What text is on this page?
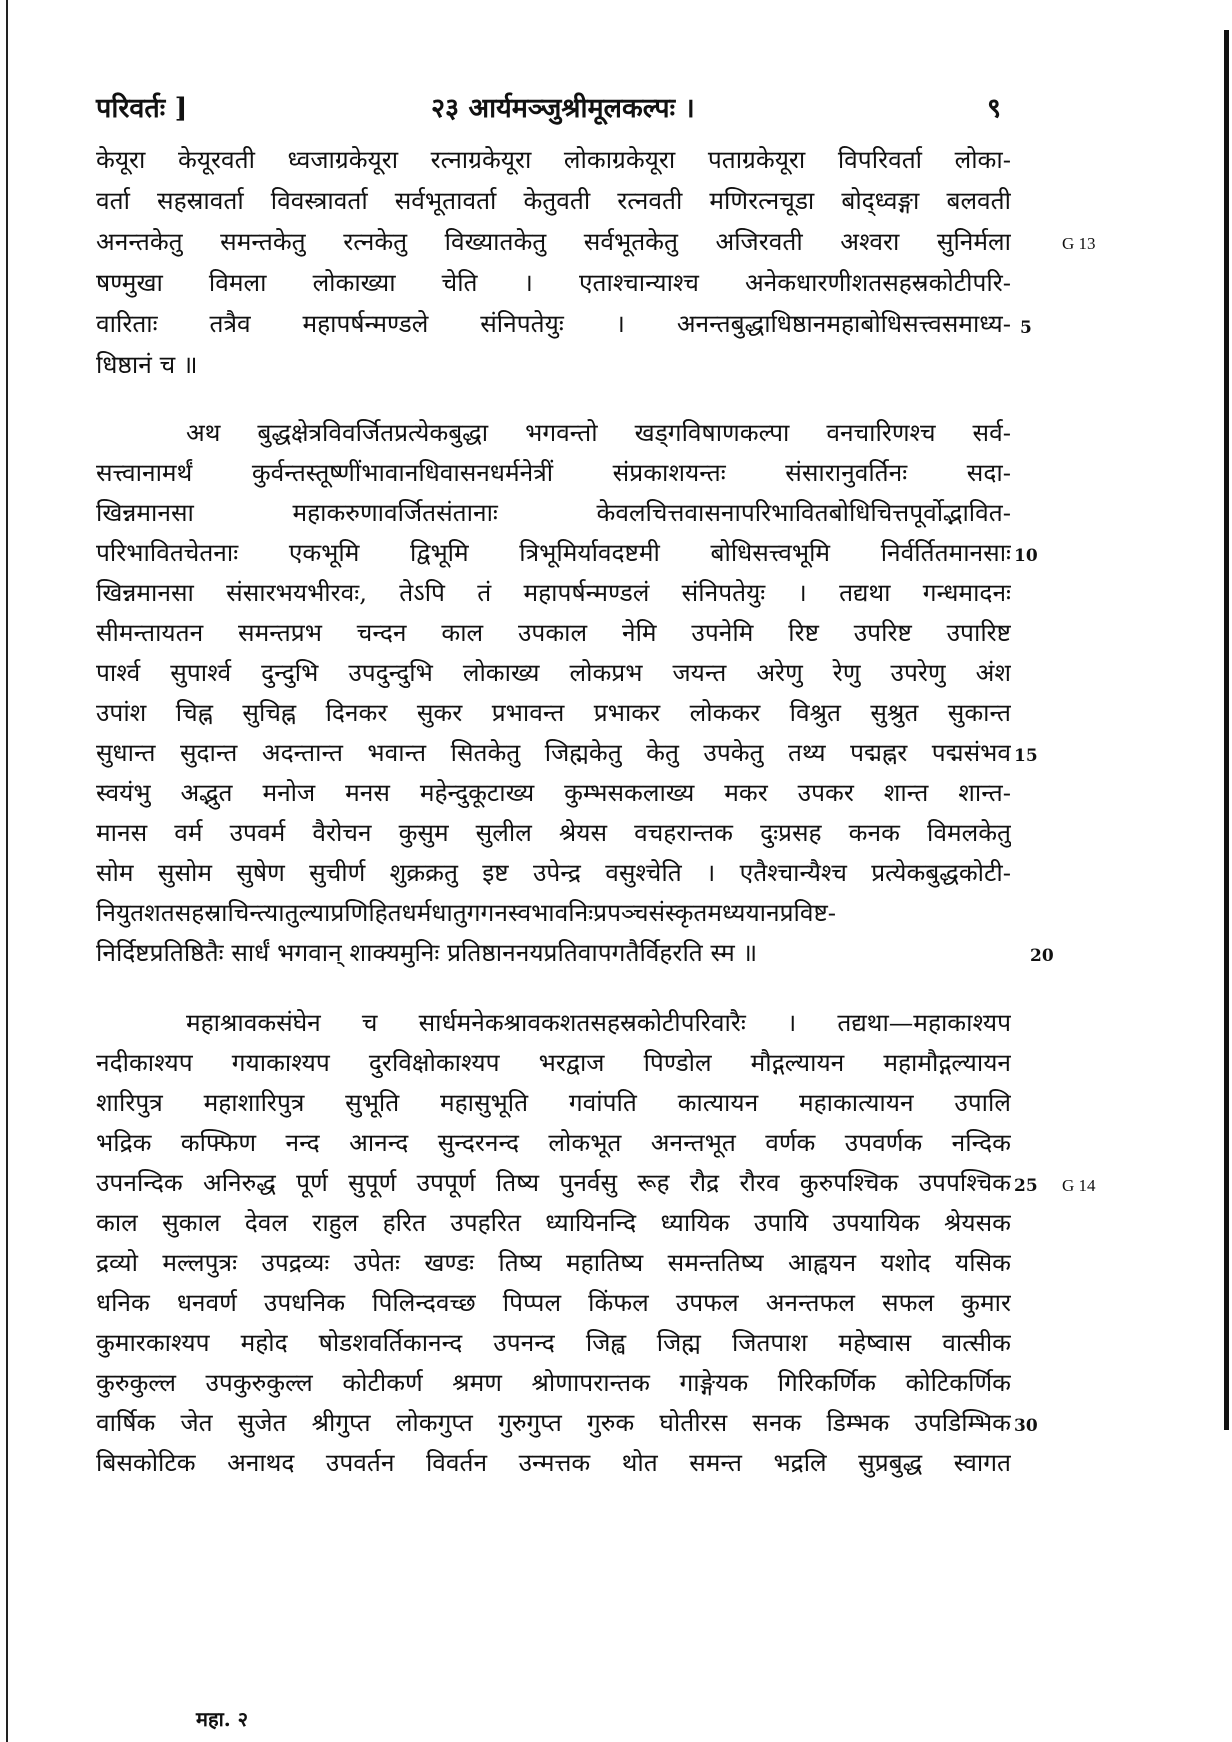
परिवर्तः ]	२३ आर्यमञ्जुश्रीमूलकल्पः ।	९
केयूरा केयूरवती ध्वजाग्रकेयूरा रत्नाग्रकेयूरा लोकाग्रकेयूरा पताग्रकेयूरा विपरिवर्ता लोका-
वर्ता सहस्रावर्ता विवस्त्रावर्ता सर्वभूतावर्ता केतुवती रत्नवती मणिरत्नचूडा बोद्ध्वङ्गा बलवती
अनन्तकेतु समन्तकेतु रत्नकेतु विख्यातकेतु सर्वभूतकेतु अजिरवती अश्वरा सुनिर्मला
षण्मुखा विमला लोकाख्या चेति । एताश्चान्याश्च अनेकधारणीशतसहस्रकोटीपरि-
वारिताः तत्रैव महापर्षन्मण्डले संनिपतेयुः । अनन्तबुद्धाधिष्ठानमहाबोधिसत्त्वसमाध्य-
धिष्ठानं च ॥
अथ बुद्धक्षेत्रविवर्जितप्रत्येकबुद्धा भगवन्तो खड्गविषाणकल्पा वनचारिणश्च सर्व-
सत्त्वानामर्थं कुर्वन्तस्तूष्णींभावानधिवासनधर्मनेत्रीं संप्रकाशयन्तः संसारानुवर्तिनः सदा-
खिन्नमानसा महाकरुणावर्जितसंतानाः केवलचित्तवासनापरिभावितबोधिचित्तपूर्वोद्भावित-
परिभावितचेतनाः एकभूमि द्विभूमि त्रिभूमिर्यावदष्टमी बोधिसत्त्वभूमि निर्वर्तितमानसाः
खिन्नमानसा संसारभयभीरवः, तेऽपि तं महापर्षन्मण्डलं संनिपतेयुः । तद्यथा गन्धमादनः
सीमन्तायतन समन्तप्रभ चन्दन काल उपकाल नेमि उपनेमि रिष्ट उपरिष्ट उपारिष्ट
पार्श्व सुपार्श्व दुन्दुभि उपदुन्दुभि लोकाख्य लोकप्रभ जयन्त अरेणु रेणु उपरेणु अंश
उपांश चिह्न सुचिह्न दिनकर सुकर प्रभावन्त प्रभाकर लोककर विश्रुत सुश्रुत सुकान्त
सुधान्त सुदान्त अदन्तान्त भवान्त सितकेतु जिह्मकेतु केतु उपकेतु तथ्य पद्मह्नर पद्मसंभव
स्वयंभु अद्भुत मनोज मनस महेन्दुकूटाख्य कुम्भसकलाख्य मकर उपकर शान्त शान्त-
मानस वर्म उपवर्म वैरोचन कुसुम सुलील श्रेयस वचहरान्तक दुःप्रसह कनक विमलकेतु
सोम सुसोम सुषेण सुचीर्ण शुक्रक्रतु इष्ट उपेन्द्र वसुश्चेति । एतैश्चान्यैश्च प्रत्येकबुद्धकोटी-
नियुतशतसहस्राचिन्त्यातुल्याप्रणिहितधर्मधातुगगनस्वभावनिःप्रपञ्चसंस्कृतमध्ययानप्रविष्ट-
निर्दिष्टप्रतिष्ठितैः सार्धं भगवान् शाक्यमुनिः प्रतिष्ठाननयप्रतिवापगतैर्विहरति स्म ॥
महाश्रावकसंघेन च सार्धमनेकश्रावकशतसहस्रकोटीपरिवारैः । तद्यथा—महाकाश्यप
नदीकाश्यप गयाकाश्यप दुरविक्षोकाश्यप भरद्वाज पिण्डोल मौद्गल्यायन महामौद्गल्यायन
शारिपुत्र महाशारिपुत्र सुभूति महासुभूति गवांपति कात्यायन महाकात्यायन उपालि
भद्रिक कफ्फिण नन्द आनन्द सुन्दरनन्द लोकभूत अनन्तभूत वर्णक उपवर्णक नन्दिक
उपनन्दिक अनिरुद्ध पूर्ण सुपूर्ण उपपूर्ण तिष्य पुनर्वसु रूह रौद्र रौरव कुरुपश्चिक उपपश्चिक
काल सुकाल देवल राहुल हरित उपहरित ध्यायिनन्दि ध्यायिक उपायि उपयायिक श्रेयसक
द्रव्यो मल्लपुत्रः उपद्रव्यः उपेतः खण्डः तिष्य महातिष्य समन्ततिष्य आह्वयन यशोद यसिक
धनिक धनवर्ण उपधनिक पिलिन्दवच्छ पिप्पल किंफल उपफल अनन्तफल सफल कुमार
कुमारकाश्यप महोद षोडशवर्तिकानन्द उपनन्द जिह्व जिह्म जितपाश महेष्वास वात्सीक
कुरुकुल्ल उपकुरुकुल्ल कोटीकर्ण श्रमण श्रोणापरान्तक गाङ्गेयक गिरिकर्णिक कोटिकर्णिक
वार्षिक जेत सुजेत श्रीगुप्त लोकगुप्त गुरुगुप्त गुरुक घोतीरस सनक डिम्भक उपडिम्भिक
बिसकोटिक अनाथद उपवर्तन विवर्तन उन्मत्तक थोत समन्त भद्रलि सुप्रबुद्ध स्वागत
5
10
15
20
25
30
G 13
G 14
महा. २
